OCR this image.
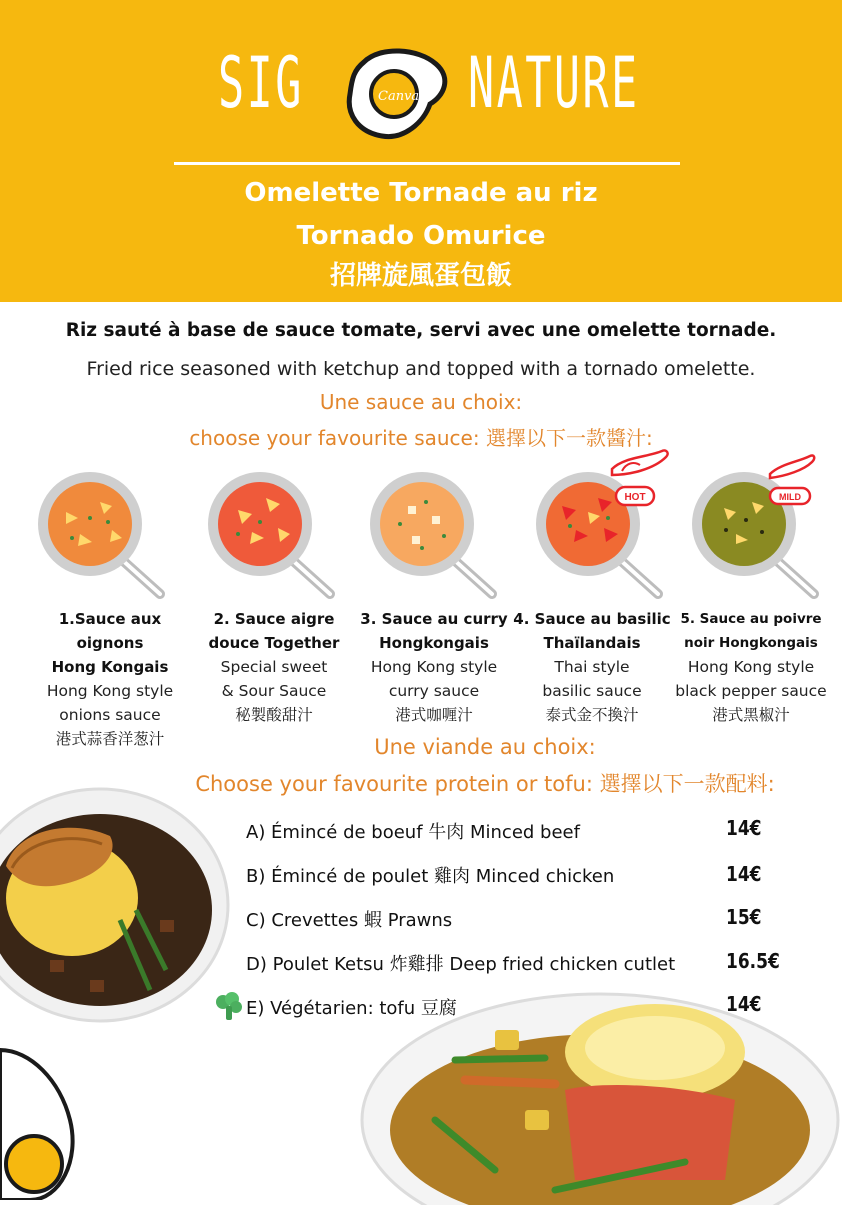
SIG	Canva NATURE
Omelette Tornade au riz
Tornado Omurice
招牌旋風蛋包飯
Riz sauté à base de sauce tomate, servi avec une omelette tornade.
Fried rice seasoned with ketchup and topped with a tornado omelette.
Une sauce au choix:
choose your favourite sauce: 選擇以下一款醬汁:
HOT	MILD
1.Sauce aux oignons
Hong Kongais
Hong Kong style
onions sauce
港式蒜香洋葱汁
2. Sauce aigre
douce Together
Special sweet
& Sour Sauce
秘製酸甜汁
3. Sauce au curry
Hongkongais
Hong Kong style
curry sauce
港式咖喱汁
4. Sauce au basilic
Thaïlandais
Thai style
basilic sauce
泰式金不換汁
5. Sauce au poivre
noir Hongkongais
Hong Kong style
black pepper sauce
港式黑椒汁
Une viande au choix:
Choose your favourite protein or tofu: 選擇以下一款配料:
A) Émincé de boeuf 牛肉 Minced beef	14€
B) Émincé de poulet 雞肉 Minced chicken	14€
C) Crevettes 蝦 Prawns	15€
D) Poulet Ketsu 炸雞排 Deep fried chicken cutlet	16.5€
E) Végétarien: tofu 豆腐	14€
